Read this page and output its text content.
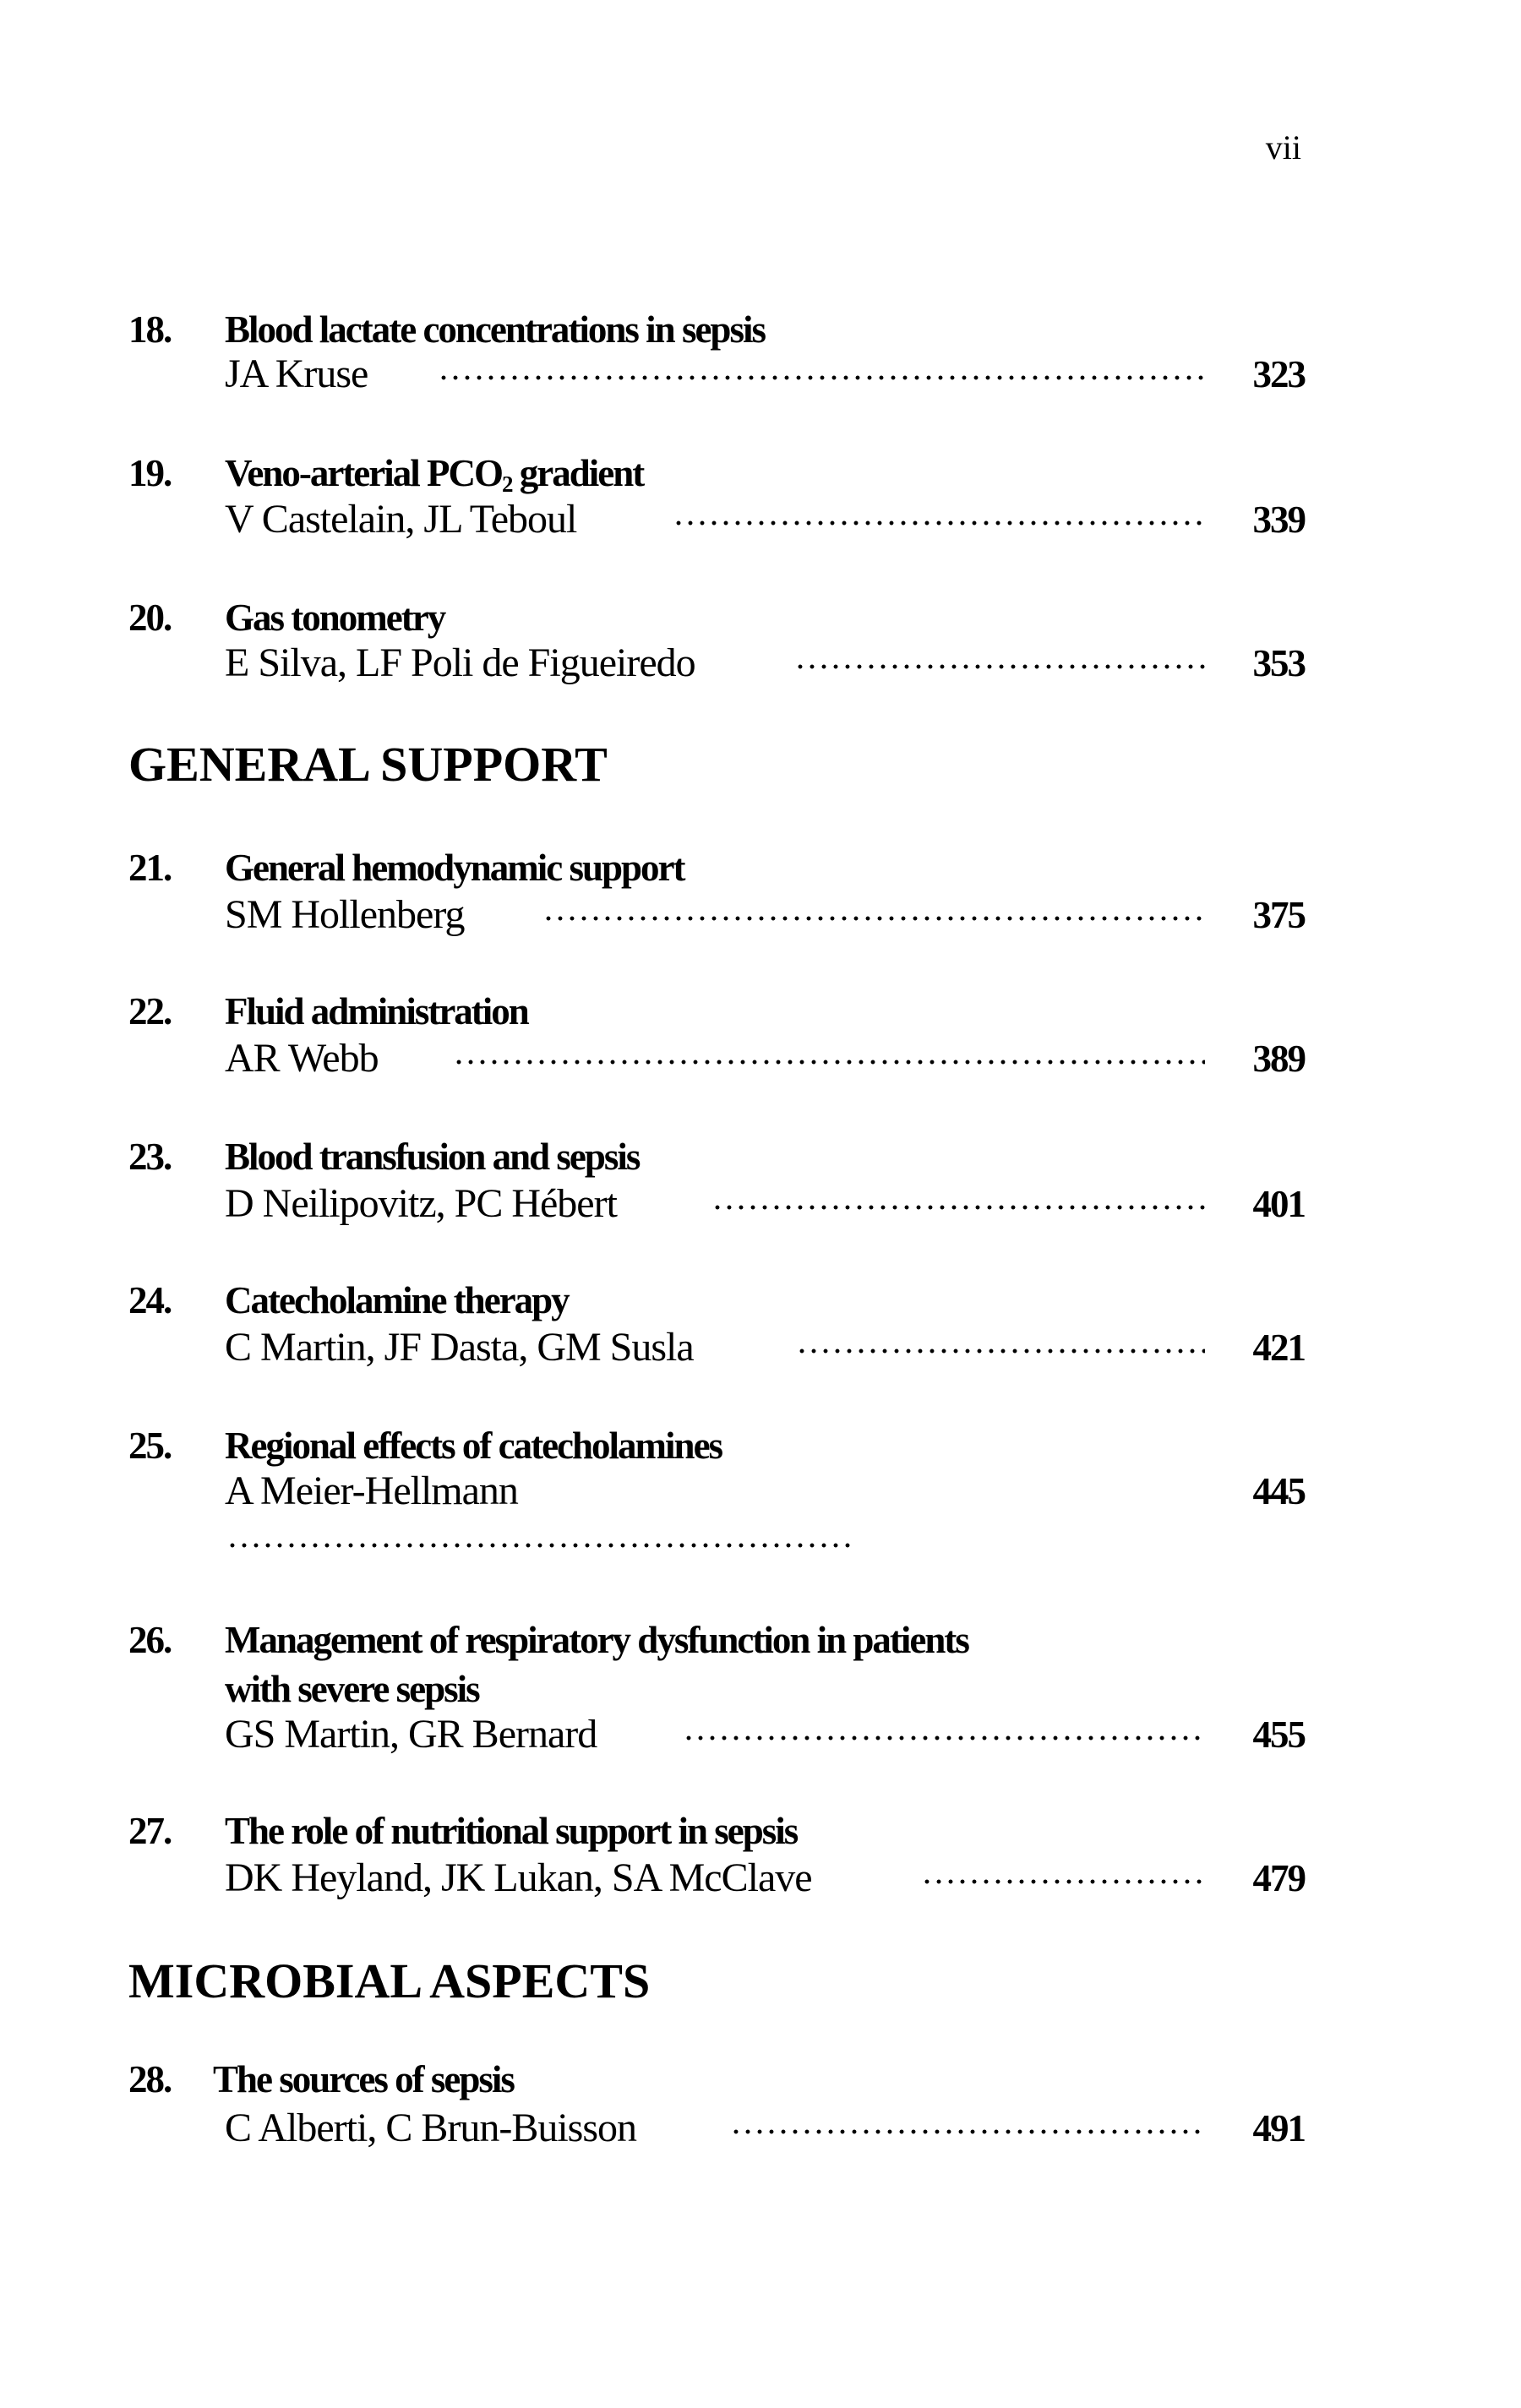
vii
18. Blood lactate concentrations in sepsis
JA Kruse	323
19. Veno-arterial $PCO_2$ gradient
V Castelain, JL Teboul	339
20. Gas tonometry
E Silva, LF Poli de Figueiredo	353
GENERAL SUPPORT
21. General hemodynamic support
SM Hollenberg	375
22. Fluid administration
AR Webb	389
23. Blood transfusion and sepsis
D Neilipovitz, PC Hébert	401
24. Catecholamine therapy
C Martin, JF Dasta, GM Susla	421
25. Regional effects of catecholamines
A Meier-Hellmann	445
26. Management of respiratory dysfunction in patients
with severe sepsis
GS Martin, GR Bernard	455
27. The role of nutritional support in sepsis
DK Heyland, JK Lukan, SA McClave	479
MICROBIAL ASPECTS
28. The sources of sepsis
C Alberti, C Brun-Buisson	491
